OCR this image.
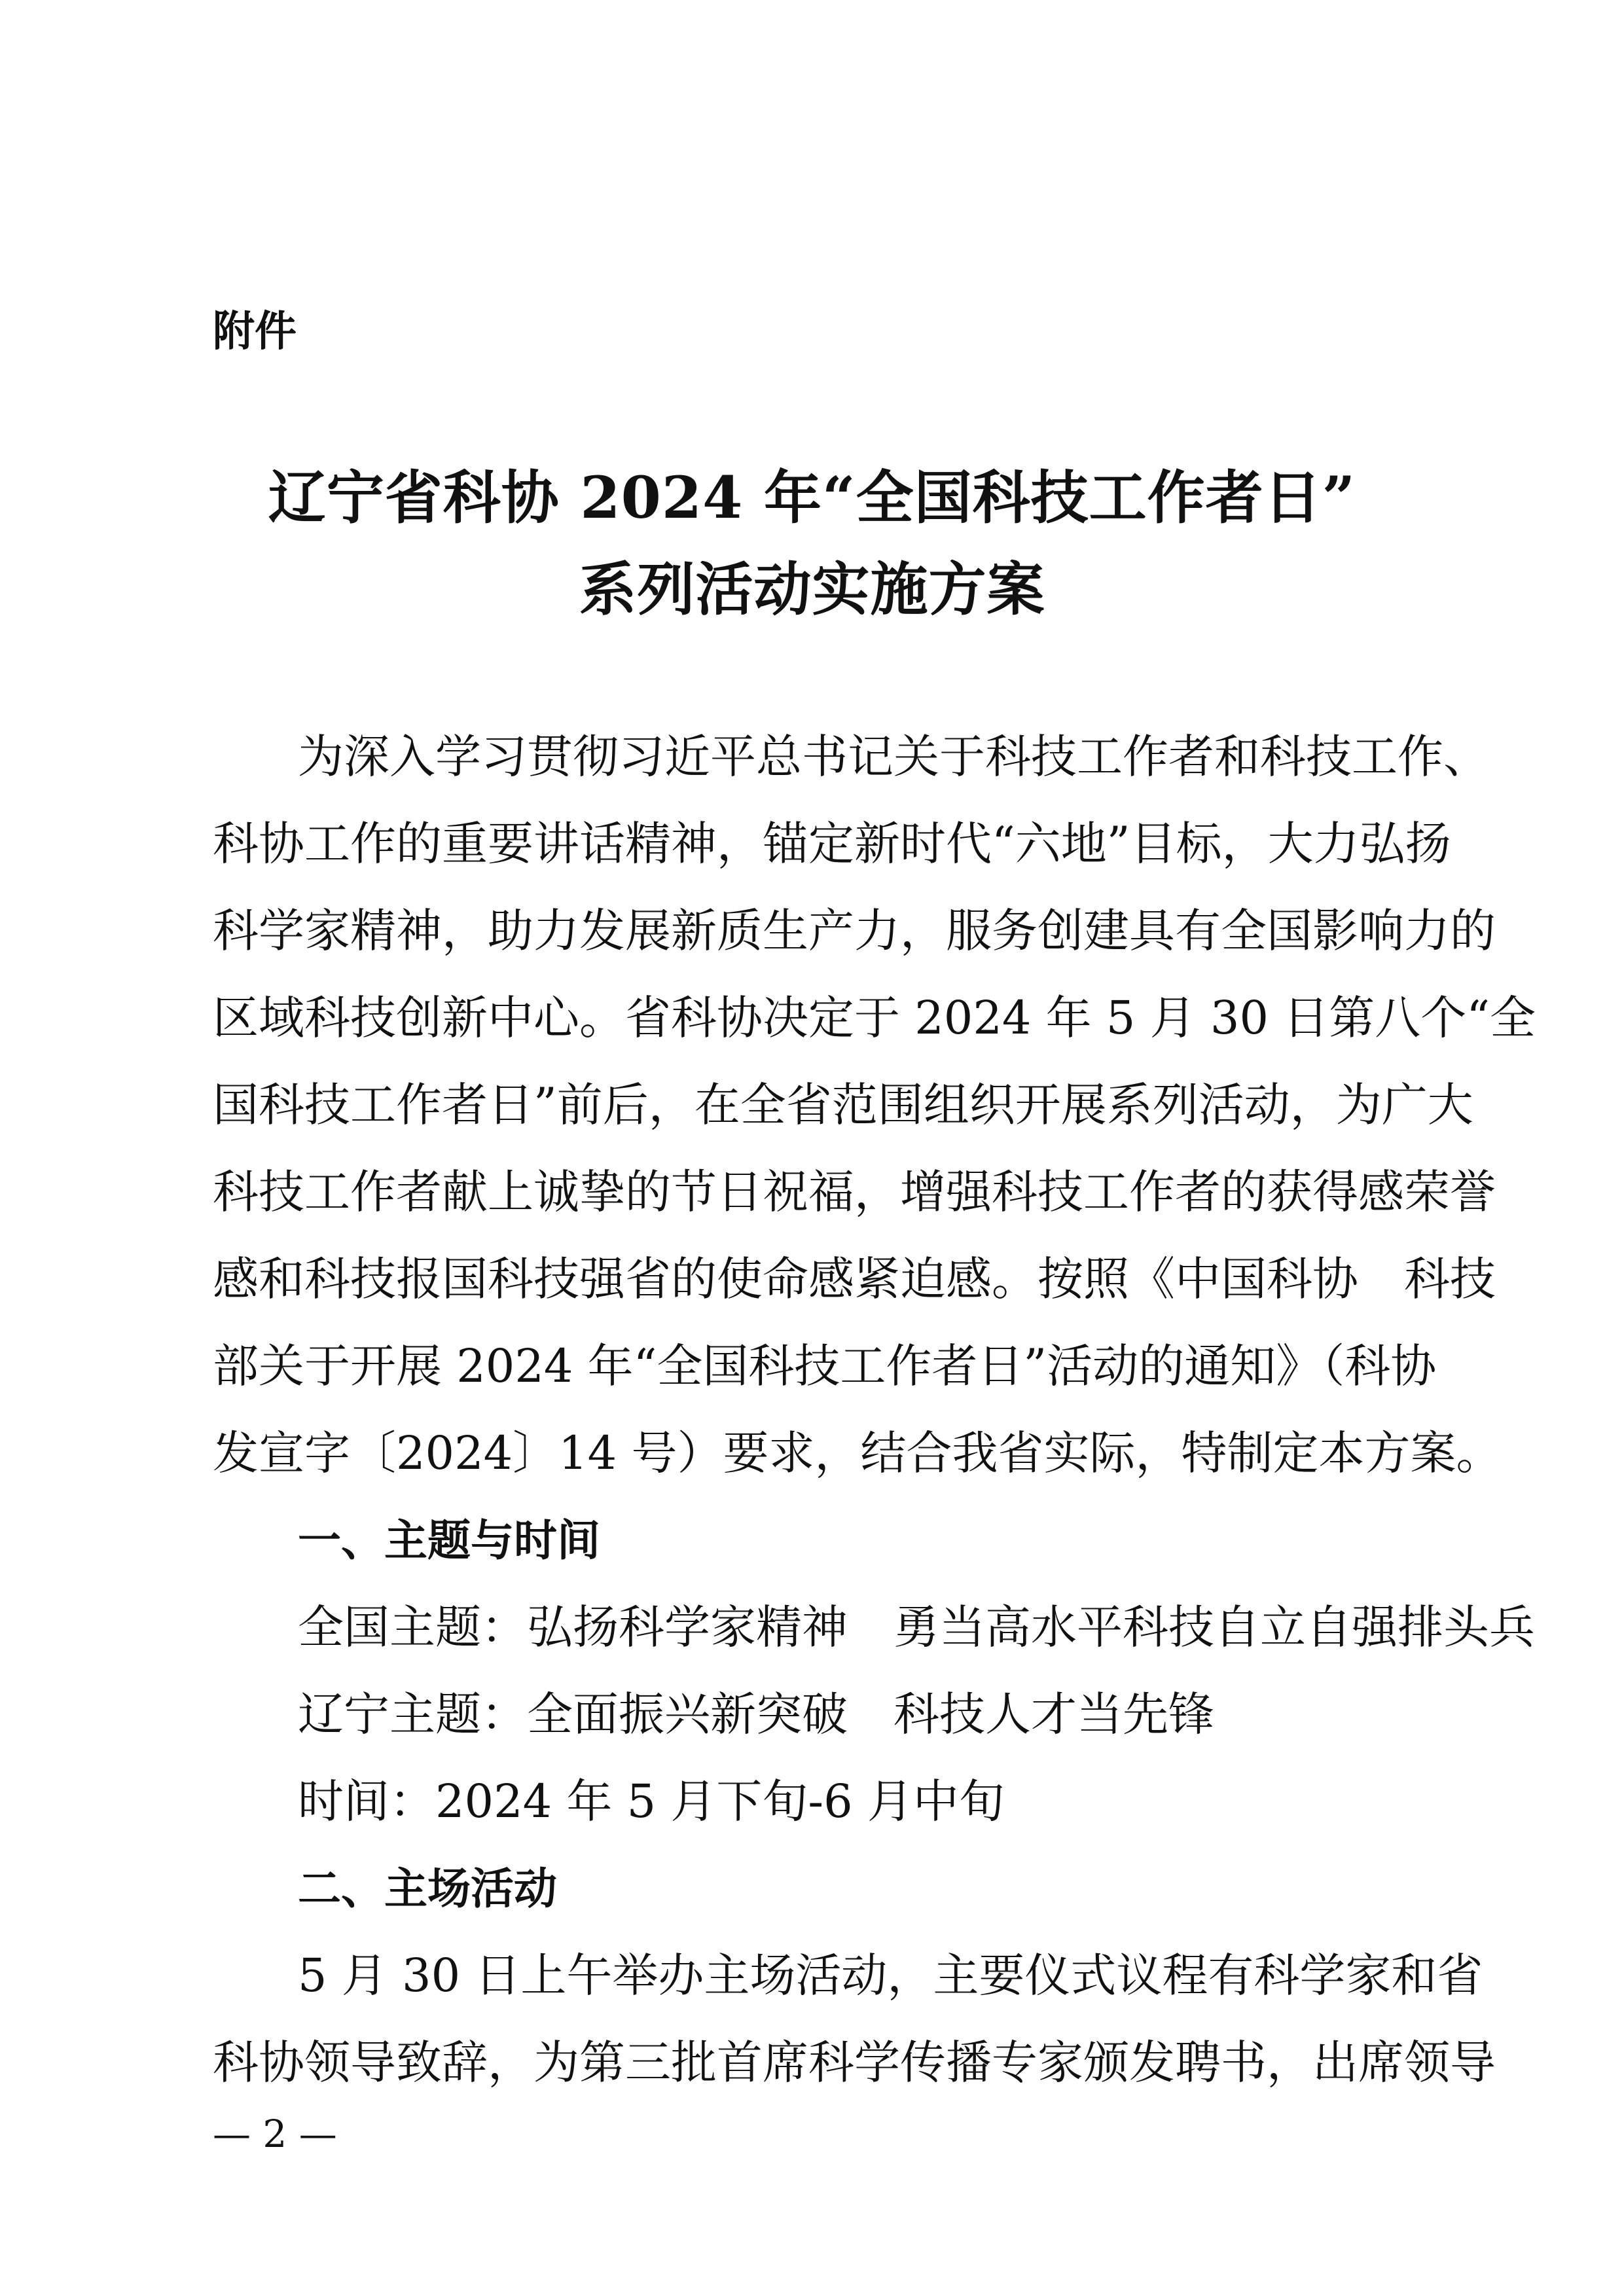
附件
辽宁省科协 2024 年“全国科技工作者日”
系列活动实施方案
为深入学习贯彻习近平总书记关于科技工作者和科技工作、
科协工作的重要讲话精神，锚定新时代“六地”目标，大力弘扬
科学家精神，助力发展新质生产力，服务创建具有全国影响力的
区域科技创新中心。省科协决定于 2024 年 5 月 30 日第八个“全
国科技工作者日”前后，在全省范围组织开展系列活动，为广大
科技工作者献上诚挚的节日祝福，增强科技工作者的获得感荣誉
感和科技报国科技强省的使命感紧迫感。按照《中国科协　科技
部关于开展 2024 年“全国科技工作者日”活动的通知》（科协
发宣字〔2024〕14 号）要求，结合我省实际，特制定本方案。
一、主题与时间
全国主题：弘扬科学家精神　勇当高水平科技自立自强排头兵
辽宁主题：全面振兴新突破　科技人才当先锋
时间：2024 年 5 月下旬-6 月中旬
二、主场活动
5 月 30 日上午举办主场活动，主要仪式议程有科学家和省
科协领导致辞，为第三批首席科学传播专家颁发聘书，出席领导
— 2 —
